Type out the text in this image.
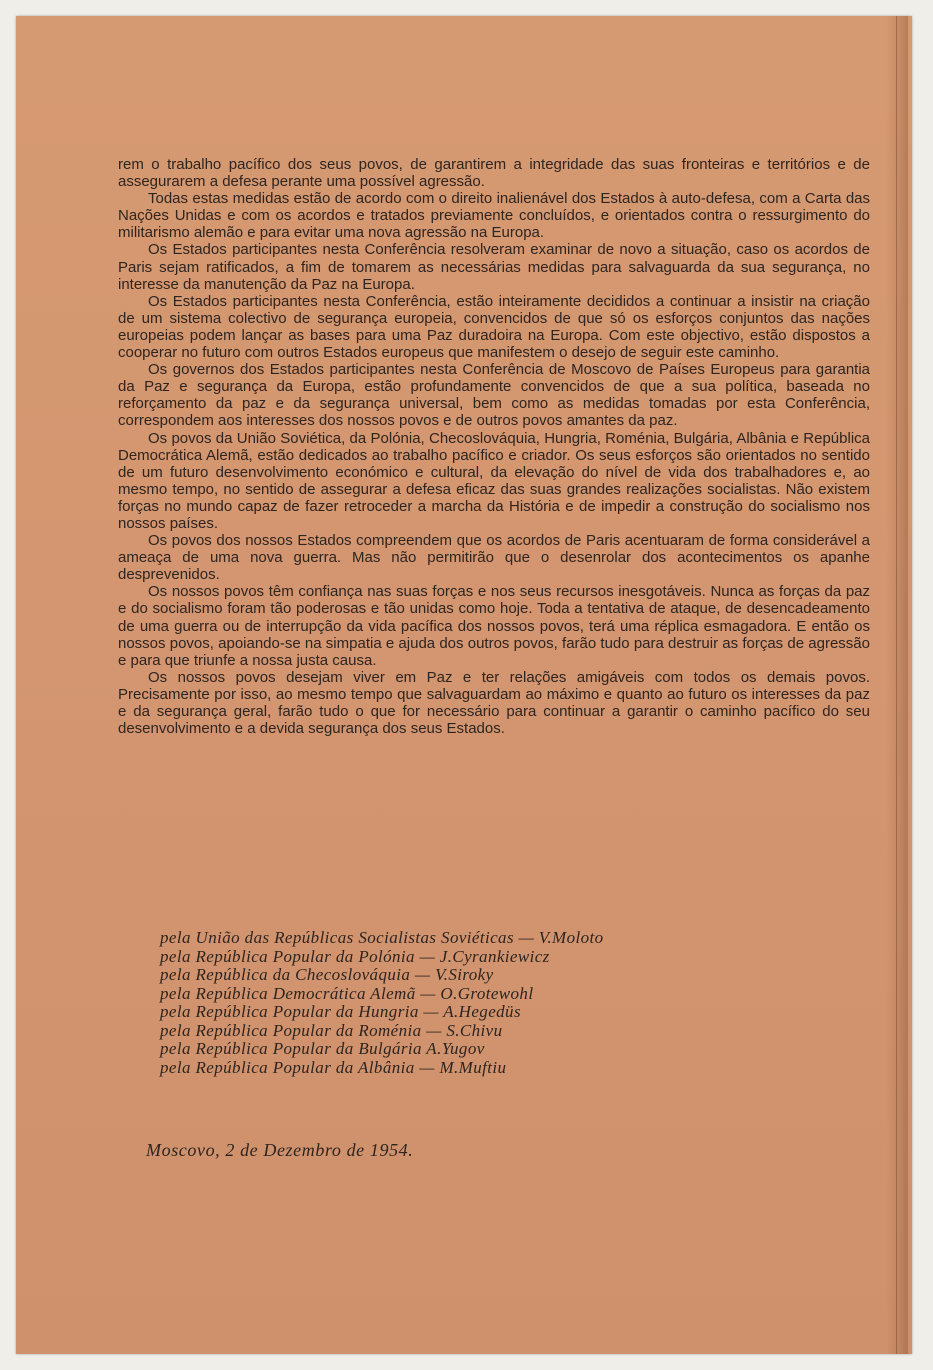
rem o trabalho pacífico dos seus povos, de garantirem a integridade das suas fronteiras e territórios e de assegurarem a defesa perante uma possível agressão.

Todas estas medidas estão de acordo com o direito inalienável dos Estados à auto-defesa, com a Carta das Nações Unidas e com os acordos e tratados previamente concluídos, e orientados contra o ressurgimento do militarismo alemão e para evitar uma nova agressão na Europa.

Os Estados participantes nesta Conferência resolveram examinar de novo a situação, caso os acordos de Paris sejam ratificados, a fim de tomarem as necessárias medidas para salvaguarda da sua segurança, no interesse da manutenção da Paz na Europa.

Os Estados participantes nesta Conferência, estão inteiramente decididos a continuar a insistir na criação de um sistema colectivo de segurança europeia, convencidos de que só os esforços conjuntos das nações europeias podem lançar as bases para uma Paz duradoira na Europa. Com este objectivo, estão dispostos a cooperar no futuro com outros Estados europeus que manifestem o desejo de seguir este caminho.

Os governos dos Estados participantes nesta Conferência de Moscovo de Países Europeus para garantia da Paz e segurança da Europa, estão profundamente convencidos de que a sua política, baseada no reforçamento da paz e da segurança universal, bem como as medidas tomadas por esta Conferência, correspondem aos interesses dos nossos povos e de outros povos amantes da paz.

Os povos da União Soviética, da Polónia, Checoslováquia, Hungria, Roménia, Bulgária, Albânia e República Democrática Alemã, estão dedicados ao trabalho pacífico e criador. Os seus esforços são orientados no sentido de um futuro desenvolvimento económico e cultural, da elevação do nível de vida dos trabalhadores e, ao mesmo tempo, no sentido de assegurar a defesa eficaz das suas grandes realizações socialistas. Não existem forças no mundo capaz de fazer retroceder a marcha da História e de impedir a construção do socialismo nos nossos países.

Os povos dos nossos Estados compreendem que os acordos de Paris acentuaram de forma considerável a ameaça de uma nova guerra. Mas não permitirão que o desenrolar dos acontecimentos os apanhe desprevenidos.

Os nossos povos têm confiança nas suas forças e nos seus recursos inesgotáveis. Nunca as forças da paz e do socialismo foram tão poderosas e tão unidas como hoje. Toda a tentativa de ataque, de desencadeamento de uma guerra ou de interrupção da vida pacífica dos nossos povos, terá uma réplica esmagadora. E então os nossos povos, apoiando-se na simpatia e ajuda dos outros povos, farão tudo para destruir as forças de agressão e para que triunfe a nossa justa causa.

Os nossos povos desejam viver em Paz e ter relações amigáveis com todos os demais povos. Precisamente por isso, ao mesmo tempo que salvaguardam ao máximo e quanto ao futuro os interesses da paz e da segurança geral, farão tudo o que for necessário para continuar a garantir o caminho pacífico do seu desenvolvimento e a devida segurança dos seus Estados.

pela União das Repúblicas Socialistas Soviéticas — V.Moloto
pela República Popular da Polónia — J.Cyrankiewicz
pela República da Checoslováquia — V.Siroky
pela República Democrática Alemã — O.Grotewohl
pela República Popular da Hungria — A.Hegedüs
pela República Popular da Roménia — S.Chivu
pela República Popular da Bulgária A.Yugov
pela República Popular da Albânia — M.Muftiu
Moscovo, 2 de Dezembro de 1954.
